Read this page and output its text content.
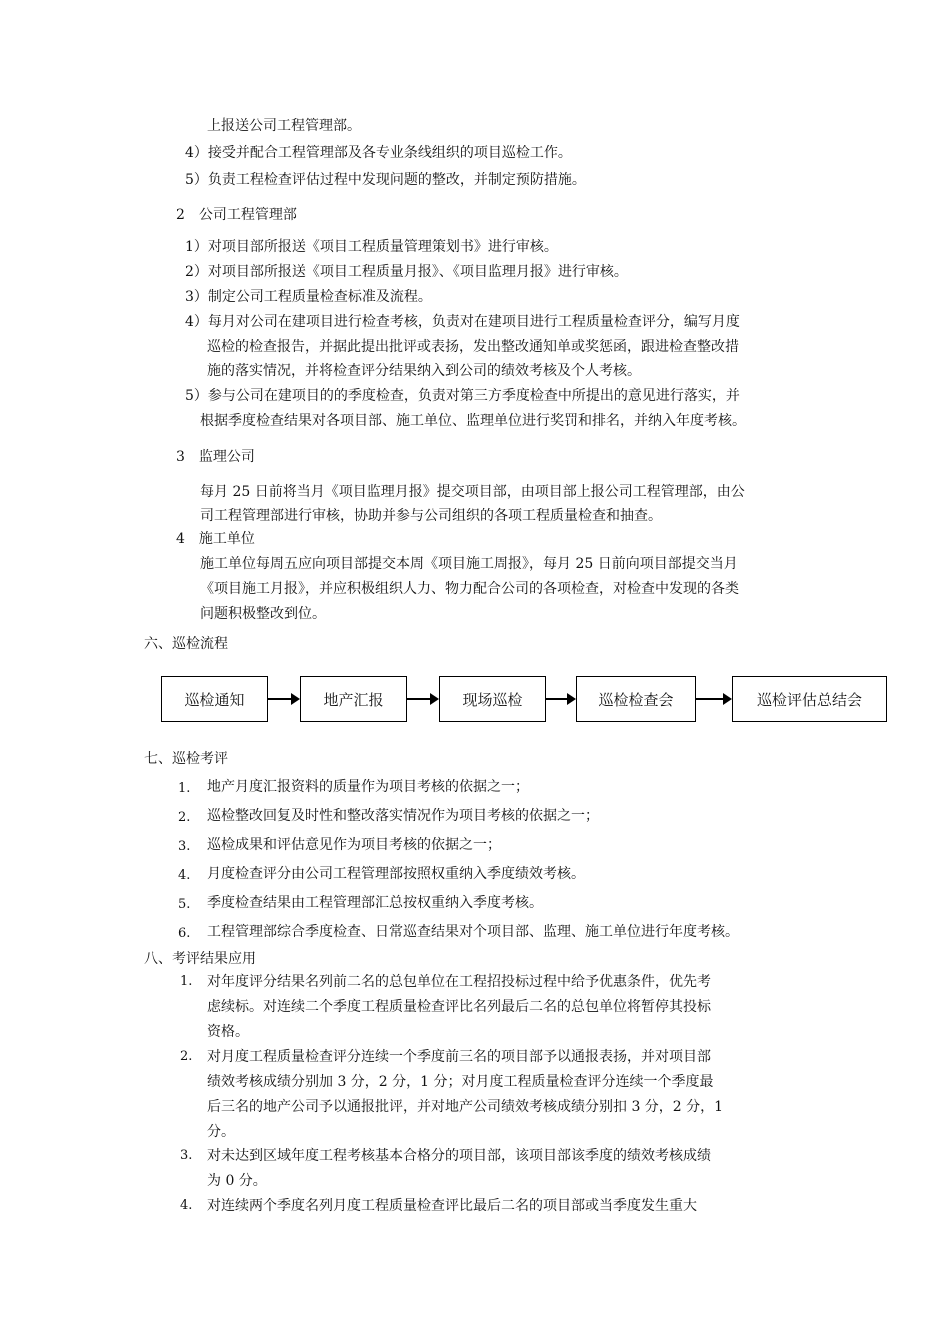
上报送公司工程管理部。
4）接受并配合工程管理部及各专业条线组织的项目巡检工作。
5）负责工程检查评估过程中发现问题的整改，并制定预防措施。
2　公司工程管理部
1）对项目部所报送《项目工程质量管理策划书》进行审核。
2）对项目部所报送《项目工程质量月报》、《项目监理月报》进行审核。
3）制定公司工程质量检查标准及流程。
4）每月对公司在建项目进行检查考核，负责对在建项目进行工程质量检查评分，编写月度
巡检的检查报告，并据此提出批评或表扬，发出整改通知单或奖惩函，跟进检查整改措
施的落实情况，并将检查评分结果纳入到公司的绩效考核及个人考核。
5）参与公司在建项目的的季度检查，负责对第三方季度检查中所提出的意见进行落实，并
根据季度检查结果对各项目部、施工单位、监理单位进行奖罚和排名，并纳入年度考核。
3　监理公司
每月 25 日前将当月《项目监理月报》提交项目部，由项目部上报公司工程管理部，由公
司工程管理部进行审核，协助并参与公司组织的各项工程质量检查和抽查。
4　施工单位
施工单位每周五应向项目部提交本周《项目施工周报》，每月 25 日前向项目部提交当月
《项目施工月报》，并应积极组织人力、物力配合公司的各项检查，对检查中发现的各类
问题积极整改到位。
六、巡检流程
巡检通知	地产汇报	现场巡检	巡检检查会	巡检评估总结会
七、巡检考评
1. 地产月度汇报资料的质量作为项目考核的依据之一；
2. 巡检整改回复及时性和整改落实情况作为项目考核的依据之一；
3. 巡检成果和评估意见作为项目考核的依据之一；
4. 月度检查评分由公司工程管理部按照权重纳入季度绩效考核。
5. 季度检查结果由工程管理部汇总按权重纳入季度考核。
6. 工程管理部综合季度检查、日常巡查结果对个项目部、监理、施工单位进行年度考核。
八、考评结果应用
1. 对年度评分结果名列前二名的总包单位在工程招投标过程中给予优惠条件，优先考
虑续标。对连续二个季度工程质量检查评比名列最后二名的总包单位将暂停其投标
资格。
2. 对月度工程质量检查评分连续一个季度前三名的项目部予以通报表扬，并对项目部
绩效考核成绩分别加 3 分，2 分，1 分；对月度工程质量检查评分连续一个季度最
后三名的地产公司予以通报批评，并对地产公司绩效考核成绩分别扣 3 分，2 分，1
分。
3. 对未达到区域年度工程考核基本合格分的项目部，该项目部该季度的绩效考核成绩
为 0 分。
4. 对连续两个季度名列月度工程质量检查评比最后二名的项目部或当季度发生重大
